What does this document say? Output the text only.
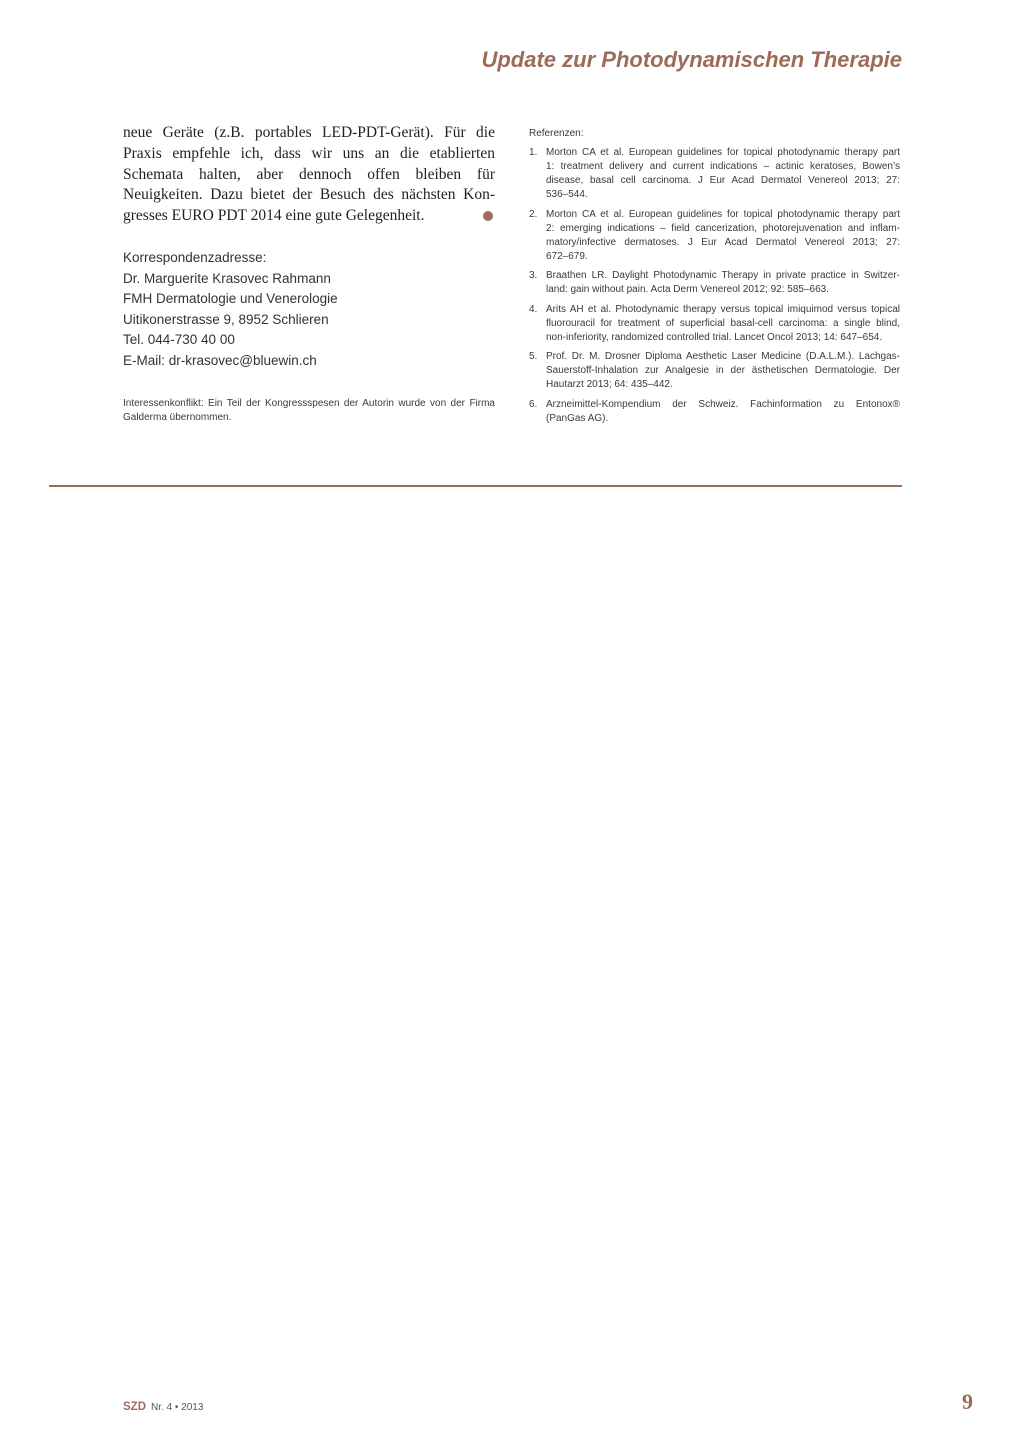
Update zur Photodynamischen Therapie
neue Geräte (z.B. portables LED-PDT-Gerät). Für die
Praxis empfehle ich, dass wir uns an die etablierten
Schemata halten, aber dennoch offen bleiben für
Neuigkeiten. Dazu bietet der Besuch des nächsten Kon-
gresses EURO PDT 2014 eine gute Gelegenheit.
Korrespondenzadresse:
Dr. Marguerite Krasovec Rahmann
FMH Dermatologie und Venerologie
Uitikonerstrasse 9, 8952 Schlieren
Tel. 044-730 40 00
E-Mail: dr-krasovec@bluewin.ch
Interessenkonflikt: Ein Teil der Kongressspesen der Autorin wurde von der Firma
Galderma übernommen.
Referenzen:
1. Morton CA et al. European guidelines for topical photodynamic therapy part
1: treatment delivery and current indications – actinic keratoses, Bowen’s
disease, basal cell carcinoma. J Eur Acad Dermatol Venereol 2013; 27:
536–544.
2. Morton CA et al. European guidelines for topical photodynamic therapy part
2: emerging indications – field cancerization, photorejuvenation and inflam-
matory/infective dermatoses. J Eur Acad Dermatol Venereol 2013; 27:
672–679.
3. Braathen LR. Daylight Photodynamic Therapy in private practice in Switzer-
land: gain without pain. Acta Derm Venereol 2012; 92: 585–663.
4. Arits AH et al. Photodynamic therapy versus topical imiquimod versus topical
fluorouracil for treatment of superficial basal-cell carcinoma: a single blind,
non-inferiority, randomized controlled trial. Lancet Oncol 2013; 14: 647–654.
5. Prof. Dr. M. Drosner Diploma Aesthetic Laser Medicine (D.A.L.M.). Lachgas-
Sauerstoff-Inhalation zur Analgesie in der ästhetischen Dermatologie. Der
Hautarzt 2013; 64: 435–442.
6. Arzneimittel-Kompendium der Schweiz. Fachinformation zu Entonox®
(PanGas AG).
SZD Nr. 4 • 2013	9
